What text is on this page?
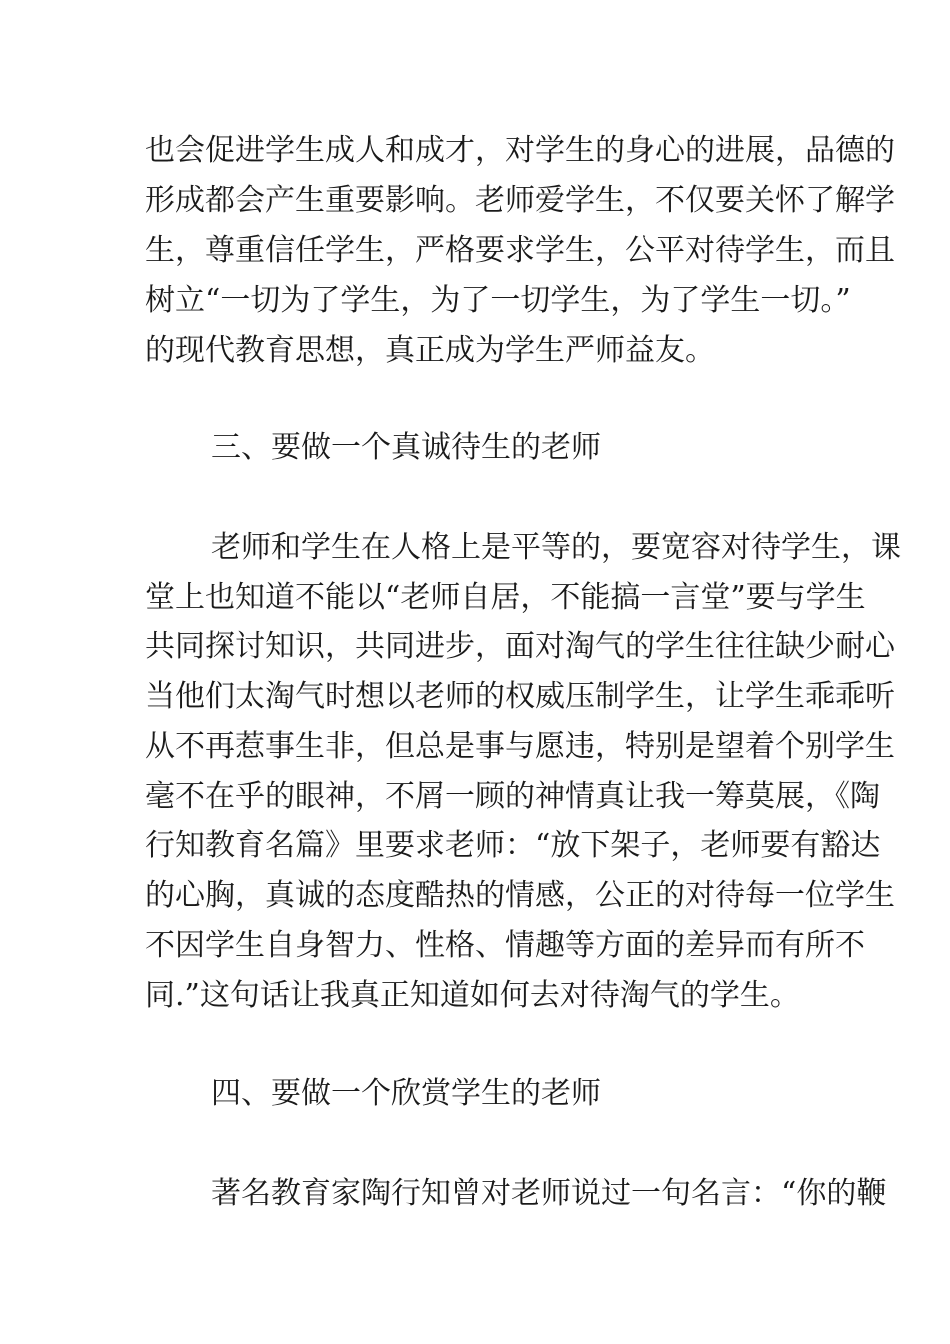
也会促进学生成人和成才，对学生的身心的进展，品德的
形成都会产生重要影响。老师爱学生，不仅要关怀了解学
生，尊重信任学生，严格要求学生，公平对待学生，而且
树立“一切为了学生，为了一切学生，为了学生一切。”
的现代教育思想，真正成为学生严师益友。
三、要做一个真诚待生的老师
老师和学生在人格上是平等的，要宽容对待学生，课
堂上也知道不能以“老师自居，不能搞一言堂”要与学生
共同探讨知识，共同进步，面对淘气的学生往往缺少耐心
当他们太淘气时想以老师的权威压制学生，让学生乖乖听
从不再惹事生非，但总是事与愿违，特别是望着个别学生
毫不在乎的眼神，不屑一顾的神情真让我一筹莫展，《陶
行知教育名篇》里要求老师：“放下架子，老师要有豁达
的心胸，真诚的态度酷热的情感，公正的对待每一位学生
不因学生自身智力、性格、情趣等方面的差异而有所不
同.”这句话让我真正知道如何去对待淘气的学生。
四、要做一个欣赏学生的老师
著名教育家陶行知曾对老师说过一句名言：“你的鞭
